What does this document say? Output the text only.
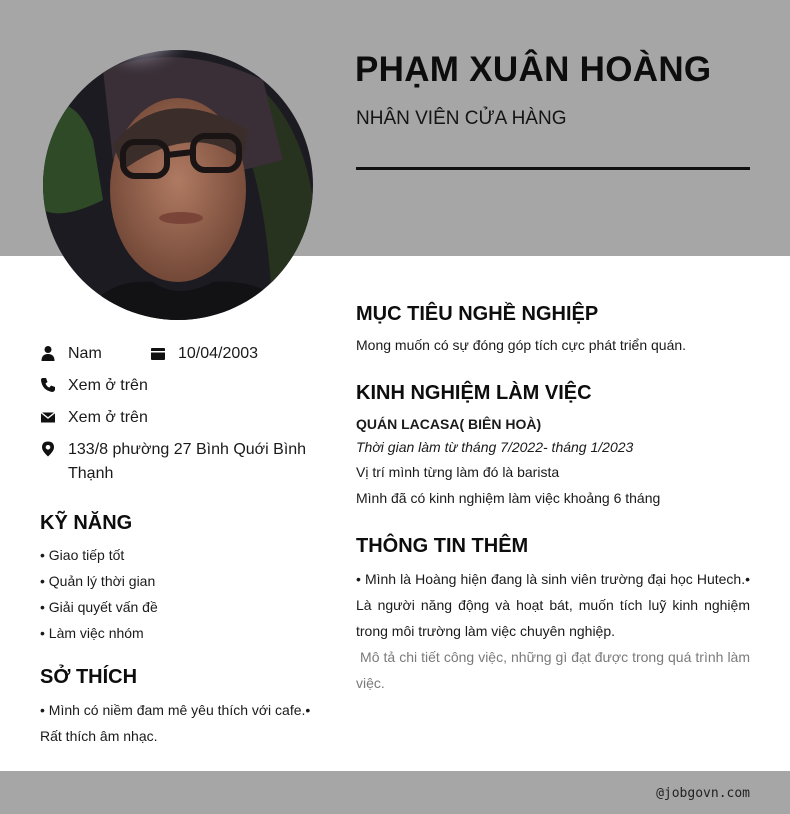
PHẠM XUÂN HOÀNG
NHÂN VIÊN CỬA HÀNG
Nam	10/04/2003
Xem ở trên
Xem ở trên
133/8 phường 27 Bình Quới Bình Thạnh
KỸ NĂNG
• Giao tiếp tốt
• Quản lý thời gian
• Giải quyết vấn đề
• Làm việc nhóm
SỞ THÍCH
• Mình có niềm đam mê yêu thích với cafe.• Rất thích âm nhạc.
MỤC TIÊU NGHỀ NGHIỆP
Mong muốn có sự đóng góp tích cực phát triển quán.
KINH NGHIỆM LÀM VIỆC
QUÁN LACASA( BIÊN HOÀ)
Thời gian làm từ tháng 7/2022- tháng 1/2023
Vị trí mình từng làm đó là barista
Mình đã có kinh nghiệm làm việc khoảng 6 tháng
THÔNG TIN THÊM
• Mình là Hoàng hiện đang là sinh viên trường đại học Hutech.• Là người năng động và hoạt bát, muốn tích luỹ kinh nghiệm trong môi trường làm việc chuyên nghiệp.
Mô tả chi tiết công việc, những gì đạt được trong quá trình làm việc.
@jobgovn.com
